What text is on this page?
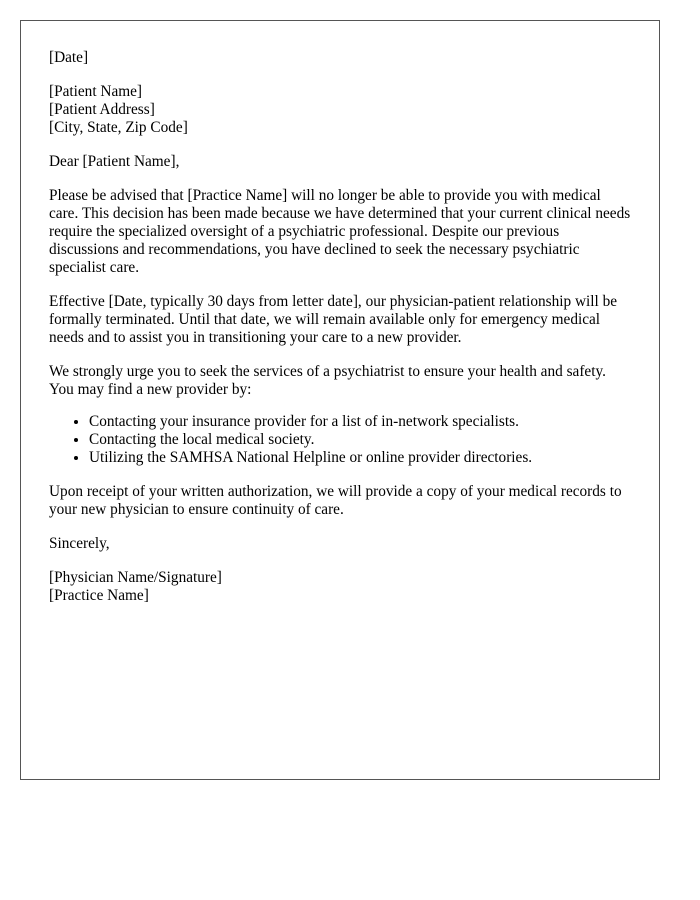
[Date]
[Patient Name]
[Patient Address]
[City, State, Zip Code]
Dear [Patient Name],

Please be advised that [Practice Name] will no longer be able to provide you with medical care. This decision has been made because we have determined that your current clinical needs require the specialized oversight of a psychiatric professional. Despite our previous discussions and recommendations, you have declined to seek the necessary psychiatric specialist care.

Effective [Date, typically 30 days from letter date], our physician-patient relationship will be formally terminated. Until that date, we will remain available only for emergency medical needs and to assist you in transitioning your care to a new provider.

We strongly urge you to seek the services of a psychiatrist to ensure your health and safety. You may find a new provider by:

• Contacting your insurance provider for a list of in-network specialists.
• Contacting the local medical society.
• Utilizing the SAMHSA National Helpline or online provider directories.

Upon receipt of your written authorization, we will provide a copy of your medical records to your new physician to ensure continuity of care.

Sincerely,
[Physician Name/Signature]
[Practice Name]
